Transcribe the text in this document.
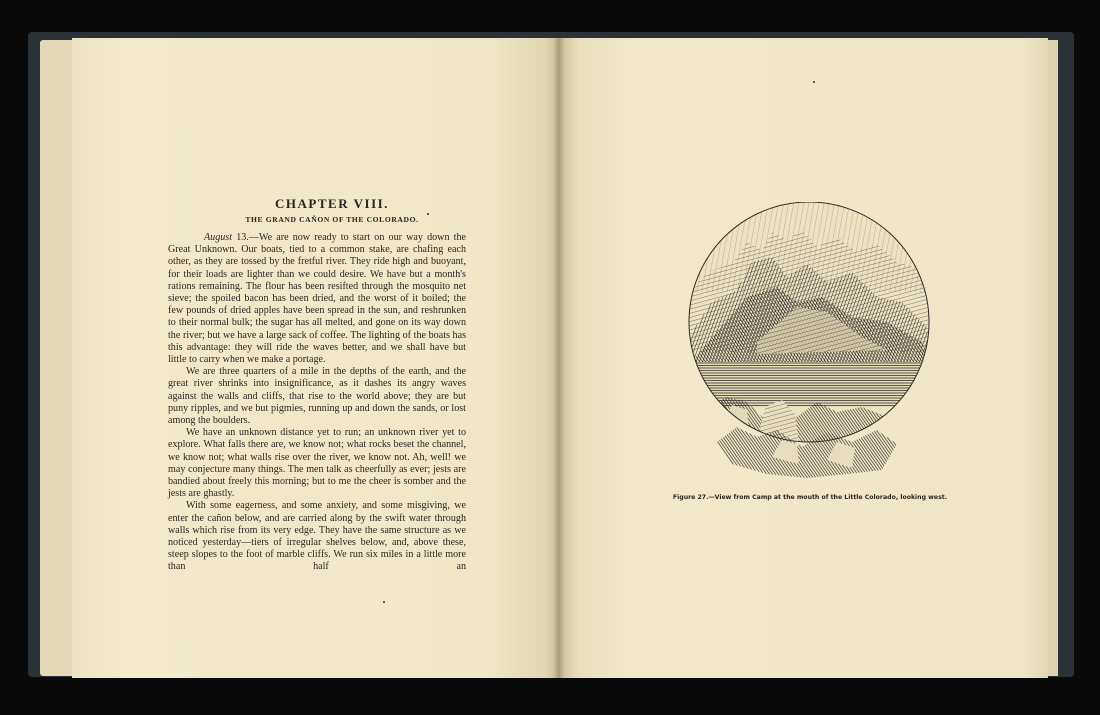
CHAPTER VIII.
THE GRAND CAÑON OF THE COLORADO.

August 13.—We are now ready to start on our way down the Great Unknown. Our boats, tied to a common stake, are chafing each other, as they are tossed by the fretful river. They ride high and buoyant, for their loads are lighter than we could desire. We have but a month's rations remaining. The flour has been resifted through the mosquito net sieve; the spoiled bacon has been dried, and the worst of it boiled; the few pounds of dried apples have been spread in the sun, and reshrunken to their normal bulk; the sugar has all melted, and gone on its way down the river; but we have a large sack of coffee. The lighting of the boats has this advantage: they will ride the waves better, and we shall have but little to carry when we make a portage.

We are three quarters of a mile in the depths of the earth, and the great river shrinks into insignificance, as it dashes its angry waves against the walls and cliffs, that rise to the world above; they are but puny ripples, and we but pigmies, running up and down the sands, or lost among the boulders.

We have an unknown distance yet to run; an unknown river yet to explore. What falls there are, we know not; what rocks beset the channel, we know not; what walls rise over the river, we know not. Ah, well! we may conjecture many things. The men talk as cheerfully as ever; jests are bandied about freely this morning; but to me the cheer is somber and the jests are ghastly.

With some eagerness, and some anxiety, and some misgiving, we enter the cañon below, and are carried along by the swift water through walls which rise from its very edge. They have the same structure as we noticed yesterday—tiers of irregular shelves below, and, above these, steep slopes to the foot of marble cliffs. We run six miles in a little more than half an

Figure 27.—View from Camp at the mouth of the Little Colorado, looking west.
